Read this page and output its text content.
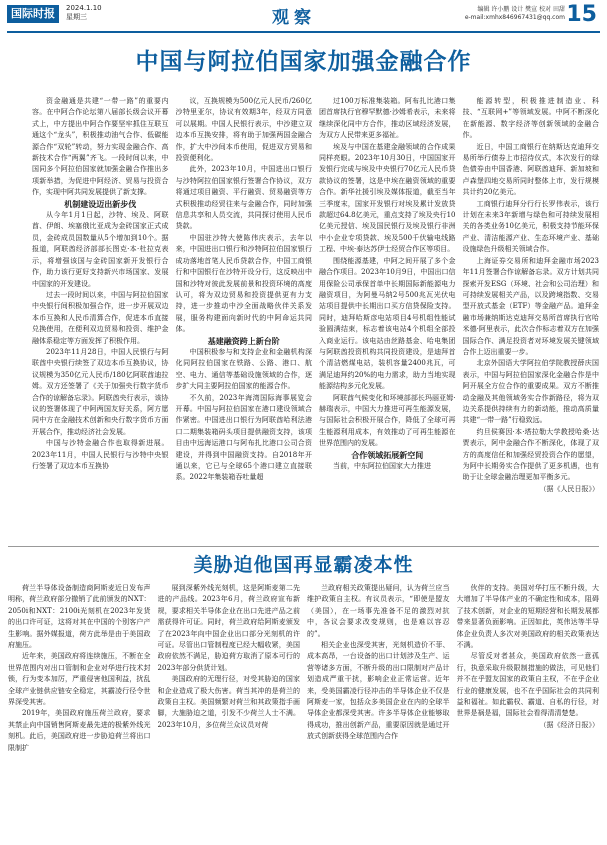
国际时报	2024.1.10
星期三	观察	编辑 许小鹏 设计 樊宣 校对 田甜
e-mail:xmhx846967431@qq.com 15
中国与阿拉伯国家加强金融合作

资金融通是共建“一带一路”的重要内容。在中阿合作论坛第八届部长级会议开幕式上，中方提出中阿合作要坚牢抓住互联互通这个“龙头”，积极推动油气合作、低碳能源合作“双轮”转动，努力实现金融合作、高新技术合作“两翼”齐飞。一段时间以来，中国同多个阿拉伯国家就加强金融合作推出多项新举措，为促进中阿经济、贸易与投资合作，实现中阿共同发展提供了新支撑。

机制建设迈出新步伐

从今年1月1日起，沙特、埃及、阿联酋、伊朗、埃塞俄比亚成为金砖国家正式成员，金砖成员国数量从5个增加到10个。据报道，阿联酋经济部部长图克·本·杜拉克表示，将增强该国与金砖国家新开发银行合作，助力该行更好支持新兴市场国家、发展中国家的开发建设。

过去一段时间以来，中国与阿拉伯国家中央银行间积极加强合作，进一步开展双边本币互换和人民币清算合作，促进本币直接兑换使用，在便利双边贸易和投资、维护金融体系稳定等方面发挥了积极作用。

2023年11月28日，中国人民银行与阿联酋中央银行续签了双边本币互换协议，协议规模为350亿元人民币/180亿阿联酋迪拉姆。双方还签署了《关于加强央行数字货币合作的谅解备忘录》。阿联酋央行表示，该协议的签署体现了中阿两国友好关系，阿方愿同中方在金融技术创新和央行数字货币方面开展合作，推动经济社会发展。

中国与沙特金融合作也取得新进展。2023年11月，中国人民银行与沙特中央银行签署了双边本币互换协

议，互换规模为500亿元人民币/260亿沙特里亚尔，协议有效期3年，经双方同意可以展期。中国人民银行表示，中沙建立双边本币互换安排，将有助于加强两国金融合作，扩大中沙间本币使用，促进双方贸易和投资便利化。

此外，2023年10月，中国进出口银行与沙特阿拉伯国家银行签署合作协议，双方将通过项目融资、平行融资、贸易融资等方式积极推动经贸往来与金融合作，同时加强信息共享和人员交流，共同探讨使用人民币贷款。

中国驻沙特大使陈伟庆表示，去年以来，中国进出口银行和沙特阿拉伯国家银行成功落地首笔人民币贷款合作，中国工商银行和中国银行在沙特开设分行，这反映出中国和沙特对彼此发展前景和投资环境的高度认可，将为双边贸易和投资提供更有力支持，进一步推动中沙全面战略伙伴关系发展，服务构建面向新时代的中阿命运共同体。

基建融资跨上新台阶

中国积极参与和支持企业和金融机构深化同阿拉伯国家在铁路、公路、港口、航空、电力、通信等基础设施领域的合作，逐步扩大同主要阿拉伯国家的能源合作。

不久前，2023年海湾国际海事展览会开幕。中国与阿拉伯国家在港口建设领域合作紧密。中国进出口银行为阿联酋哈利法港口二期集装箱码头项目提供融资支持，该项目由中远海运港口与阿布扎比港口公司合资建设，并得到中国融资支持。自2018年开通以来，它已与全球65个港口建立直接联系。2022年集装箱吞吐量超

过100万标准集装箱。阿布扎比港口集团首席执行官穆罕默德·沙姆希表示，未来将继续深化同中方合作，推动区域经济发展，为双方人民带来更多福祉。

埃及与中国在基建金融领域的合作成果同样亮眼。2023年10月30日，中国国家开发银行完成与埃及中央银行70亿元人民币贷款协议的签署，这是中埃在融资领域的重要合作。新华社援引埃及媒体报道，截至当年三季度末，国家开发银行对埃及累计发放贷款超过64.8亿美元，重点支持了埃及央行10亿美元授信、埃及国民银行及埃及银行非洲中小企业专项贷款、埃及500千伏输电线路工程、中埃·泰达苏伊士经贸合作区等项目。

围绕能源基建，中阿之间开展了多个金融合作项目。2023年10月9日，中国出口信用保险公司承保首单中长期国际新能源电力融资项目，为阿曼马纳2号500兆瓦光伏电站项目提供中长期出口买方信贷保险支持。同时，迪拜哈斯彦电站项目4号机组性能试验圆满结束，标志着该电站4个机组全部投入商业运行。该电站由丝路基金、哈电集团与阿联酋投资机构共同投资建设，是迪拜首个清洁燃煤电站，装机容量2400兆瓦，可满足迪拜约20%的电力需求，助力当地实现能源结构多元化发展。

阿联酋气候变化和环境部部长玛丽亚姆·赫瑞表示，中国大力推进可再生能源发展，与国际社会积极开展合作，降低了全球可再生能源利用成本，有效推动了可再生能源在世界范围内的发展。

合作领域拓展新空间

当前，中东阿拉伯国家大力推进

能源转型，积极推进制造业、科技、“互联网+”等领域发展。中阿不断深化在新能源、数字经济等创新领域的金融合作。

近日，中国工商银行在纳斯达克迪拜交易所举行债券上市招待仪式，本次发行的绿色债券由中国香港、阿联酋迪拜、新加坡和卢森堡四地交易所同时整体上市，发行规模共计约20亿美元。

工商银行迪拜分行行长罗伟表示，该行计划在未来3年新增与绿色和可持续发展相关的各类业务10亿美元，积极支持节能环保产业、清洁能源产业、生态环境产业、基础设施绿色升级相关领域合作。

上海证券交易所和迪拜金融市场2023年11月签署合作谅解备忘录。双方计划共同探索开发ESG（环境、社会和公司治理）和可持续发展相关产品，以及跨境指数、交易型开放式基金（ETF）等金融产品。迪拜金融市场兼纳斯达克迪拜交易所首席执行官哈米德·阿里表示，此次合作标志着双方在加强国际合作、满足投资者对环境发展关键领域合作上迈出重要一步。

北京外国语大学阿拉伯学院教授薛庆国表示，中国与阿拉伯国家深化金融合作是中阿开展全方位合作的重要成果。双方不断推动金融及其他领域务实合作新路径，将为双边关系提供持续有力的新动能，推动高质量共建“一带一路”行稳致远。

约旦侯赛因·本·塔拉勒大学教授哈桑·达贾表示，阿中金融合作不断深化，体现了双方的高度信任和加强经贸投资合作的愿望，为阿中长期务实合作提供了更多机遇，也有助于让全球金融治理更加平衡多元。

（据《人民日报》）

美胁迫他国再显霸凌本性

荷兰半导体设备制造商阿斯麦近日发布声明称，荷兰政府部分撤销了此前颁发的NXT：2050i和NXT：2100i光刻机在2023年发货的出口许可证，这将对其在中国的个别客户产生影响。据外媒报道，荷方此举是由于美国政府施压。

近年来，美国政府将连续施压，不断在全世界范围内对出口管制和企业对华进行技术封锁，行为变本加厉，严重侵害他国利益，扰乱全球产业链供应链安全稳定，其霸凌行径令世界深受其害。

2019年，美国政府施压荷兰政府，要求其禁止向中国销售阿斯麦最先进的极紫外线光刻机。此后，美国政府进一步胁迫荷兰将出口限制扩

展到深紫外线光刻机，这是阿斯麦第二先进的产品线。2023年6月，荷兰政府宣布新规，要求相关半导体企业在出口先进产品之前需获得许可证。同时，荷兰政府给阿斯麦颁发了在2023年向中国企业出口部分光刻机的许可证。尽管出口管制程度已经大幅收紧，美国政府依然不满足，胁迫荷方取消了原本可行的2023年部分供货计划。

美国政府的无理行径，对受其胁迫的国家和企业造成了极大伤害。荷当其冲的是荷兰的政策自主权。美国频繁对荷兰和其政策指手画脚，大施胁迫之道，引发不少荷兰人士不满。2023年10月，多位荷兰众议员对荷

兰政府相关政策提出疑问，认为荷兰应当维护政策自主权。有议员表示，“即使是盟友（美国），在一场事先准备不足的激烈对抗中，各议会要求改变规则，也是难以容忍的”。

相关企业也深受其害，光刻机造价不菲、成本高昂，一台设备的出口计划涉及生产、运营等诸多方面，不断升级的出口限制对产品计划造成严重干扰，影响企业正常运营。近年来，受美国霸凌行径冲击的半导体企业不仅是阿斯麦一家，包括众多美国企业在内的全球半导体企业都深受其害。许多半导体企业能够取得成功，推出创新产品，重要原因就是通过开放式创新获得全球范围内合作

伙伴的支持。美国对华打压不断升级，大大增加了半导体产业的不确定性和成本，阻碍了技术创新，对企业的短期经营和长期发展都带来显著负面影响。正因如此，英伟达等半导体企业负责人多次对美国政府的相关政策表达不满。

尽管反对者甚众，美国政府依然一意孤行，执意采取升级限制措施的做法，可见他们并不在乎盟友国家的政策自主权，不在乎企业行业的健康发展，也不在乎国际社会的共同利益和福祉。如此霸权、霸道、自私的行径，对世界是祸是福，国际社会看得清清楚楚。

（据《经济日报》）
